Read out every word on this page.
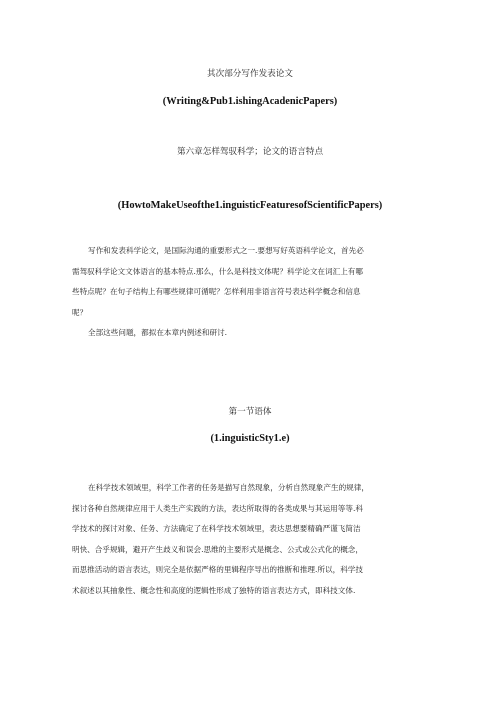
其次部分写作发表论文
(Writing&Pub1.ishingAcadenicPapers)
第六章怎样驾驭科学；论文的语言特点
(HowtoMakeUseofthe1.inguisticFeaturesofScientificPapers)
写作和发表科学论文，是国际沟通的重要形式之一.要想写好英语科学论文，首先必
需驾驭科学论文文体语言的基本特点.那么，什么是科技文体呢？科学论文在词汇上有哪
些特点呢？在句子结构上有哪些规律可循呢？怎样利用非语言符号表达科学概念和信息
呢？
全部这些问题，都拟在本章内例述和研讨.
第一节语体
(1.inguisticSty1.e)
在科学技术领域里，科学工作者的任务是描写自然现象，分析自然现象产生的规律，
探讨各种自然规律应用于人类生产实践的方法，表达所取得的各类成果与其运用等等.科
学技术的探讨对象、任务、方法确定了在科学技术领域里，表达思想要精确严谨飞简洁
明快、合乎规辑，避开产生歧义和误会.思维的主要形式是概念、公式或公式化的概念，
而思推活动的语言表达，则完全是依据严格的里辑程序导出的推断和推理.所以，科学技
术叙述以其抽象性、概念性和高度的逻辑性形成了独特的语言表达方式，即科技文体.
